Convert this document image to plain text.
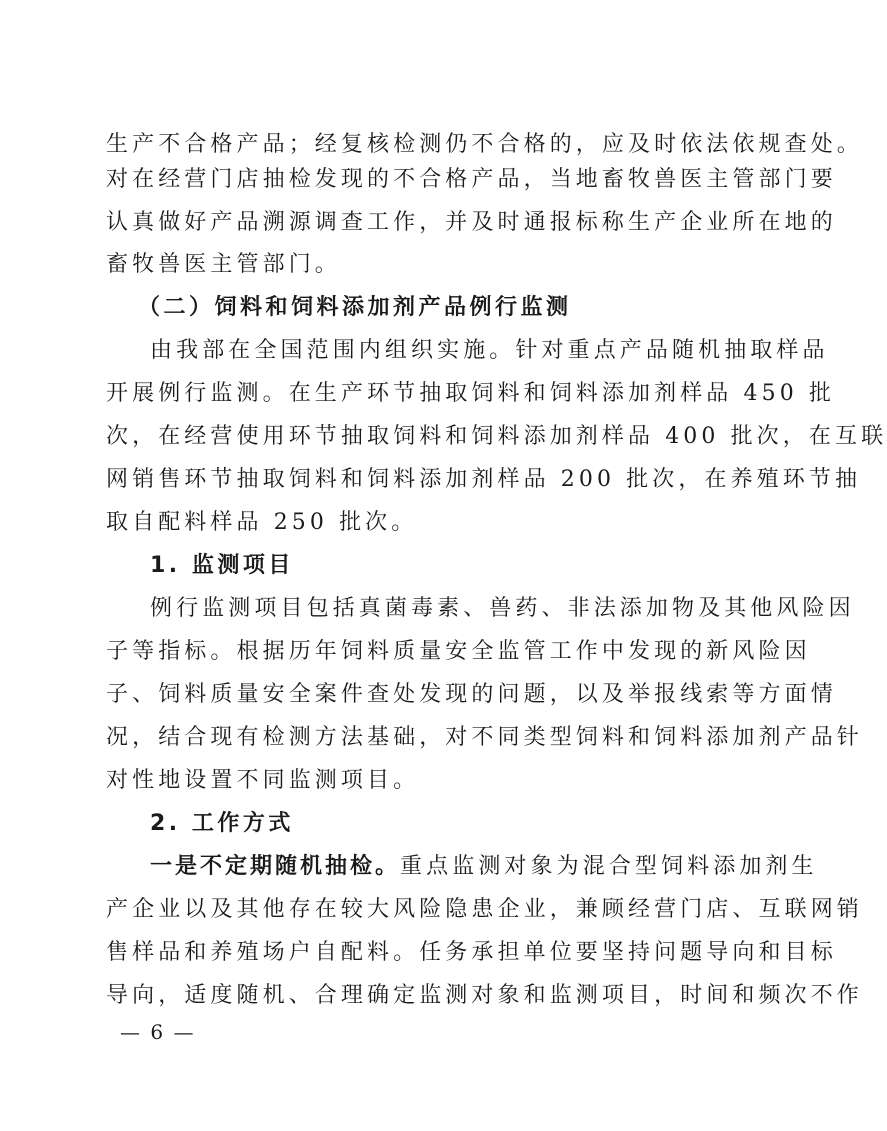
生产不合格产品；经复核检测仍不合格的，应及时依法依规查处。
对在经营门店抽检发现的不合格产品，当地畜牧兽医主管部门要
认真做好产品溯源调查工作，并及时通报标称生产企业所在地的
畜牧兽医主管部门。
（二）饲料和饲料添加剂产品例行监测
由我部在全国范围内组织实施。针对重点产品随机抽取样品
开展例行监测。在生产环节抽取饲料和饲料添加剂样品 450 批
次，在经营使用环节抽取饲料和饲料添加剂样品 400 批次，在互联
网销售环节抽取饲料和饲料添加剂样品 200 批次，在养殖环节抽
取自配料样品 250 批次。
1. 监测项目
例行监测项目包括真菌毒素、兽药、非法添加物及其他风险因
子等指标。根据历年饲料质量安全监管工作中发现的新风险因
子、饲料质量安全案件查处发现的问题，以及举报线索等方面情
况，结合现有检测方法基础，对不同类型饲料和饲料添加剂产品针
对性地设置不同监测项目。
2. 工作方式
一是不定期随机抽检。重点监测对象为混合型饲料添加剂生
产企业以及其他存在较大风险隐患企业，兼顾经营门店、互联网销
售样品和养殖场户自配料。任务承担单位要坚持问题导向和目标
— 6 —
导向，适度随机、合理确定监测对象和监测项目，时间和频次不作
